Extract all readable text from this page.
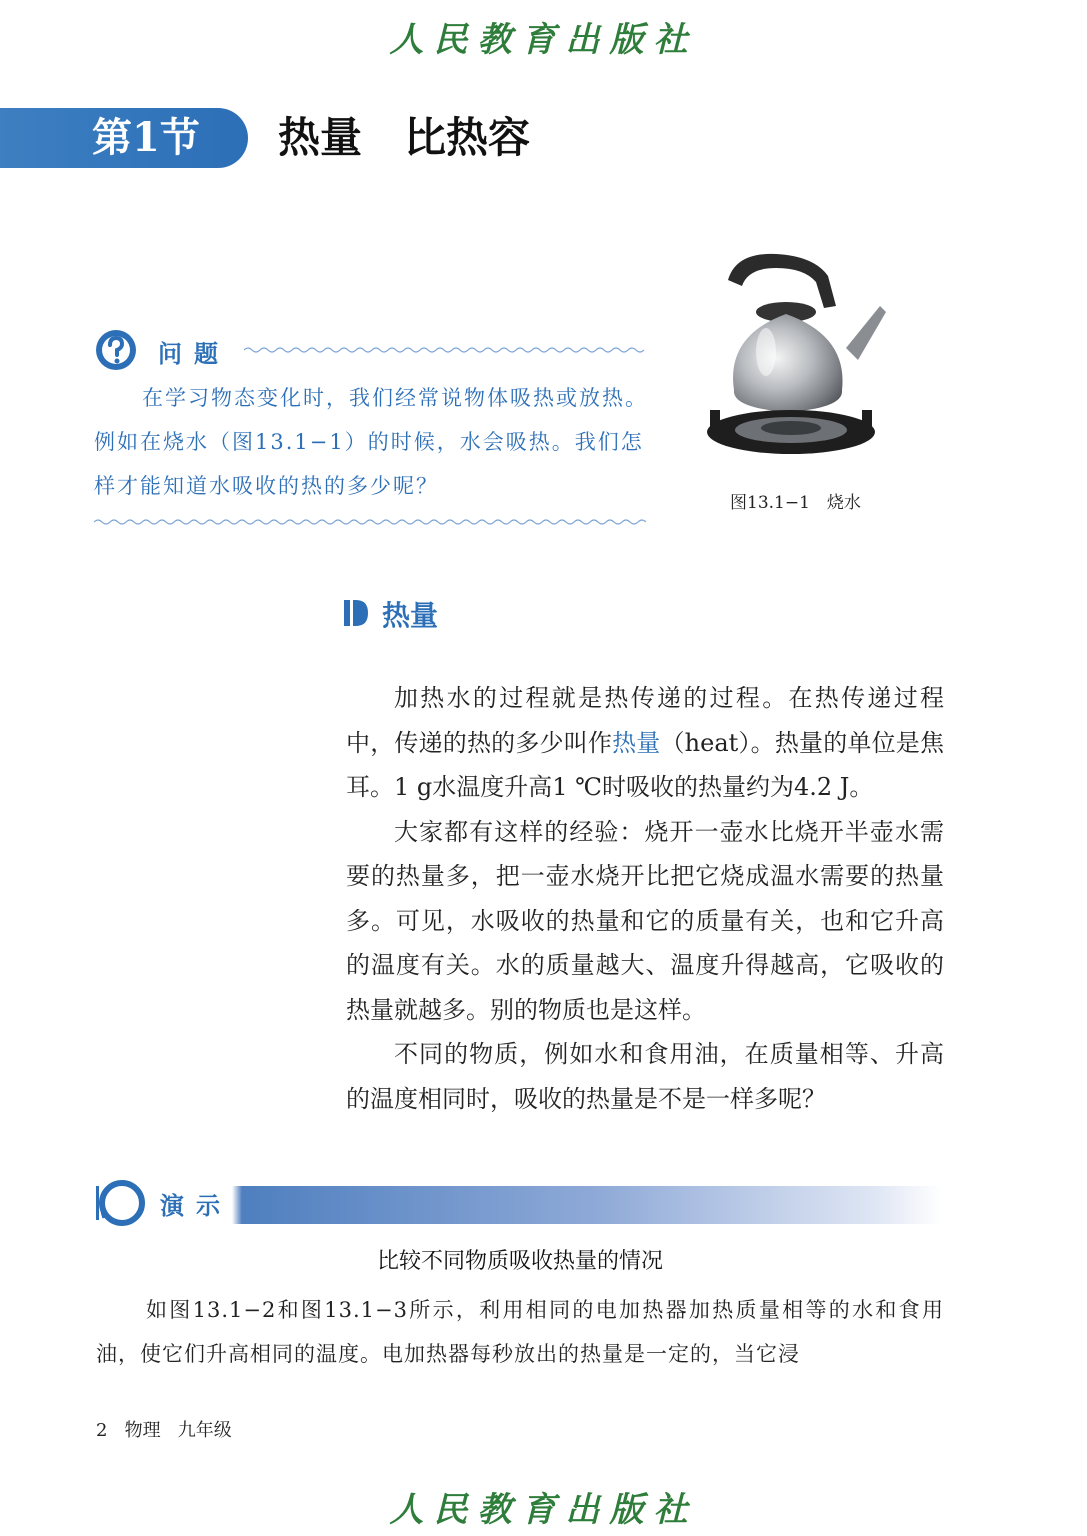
人民教育出版社
第1节 热量　比热容
问题
在学习物态变化时，我们经常说物体吸热或放热。例如在烧水（图13.1−1）的时候，水会吸热。我们怎样才能知道水吸收的热的多少呢？
图13.1−1　烧水
热量

加热水的过程就是热传递的过程。在热传递过程中，传递的热的多少叫作热量（heat）。热量的单位是焦耳。1 g水温度升高1 ℃时吸收的热量约为4.2 J。

大家都有这样的经验：烧开一壶水比烧开半壶水需要的热量多，把一壶水烧开比把它烧成温水需要的热量多。可见，水吸收的热量和它的质量有关，也和它升高的温度有关。水的质量越大、温度升得越高，它吸收的热量就越多。别的物质也是这样。

不同的物质，例如水和食用油，在质量相等、升高的温度相同时，吸收的热量是不是一样多呢？

演示
比较不同物质吸收热量的情况
如图13.1−2和图13.1−3所示，利用相同的电加热器加热质量相等的水和食用油，使它们升高相同的温度。电加热器每秒放出的热量是一定的，当它浸
2 物理 九年级
人民教育出版社
